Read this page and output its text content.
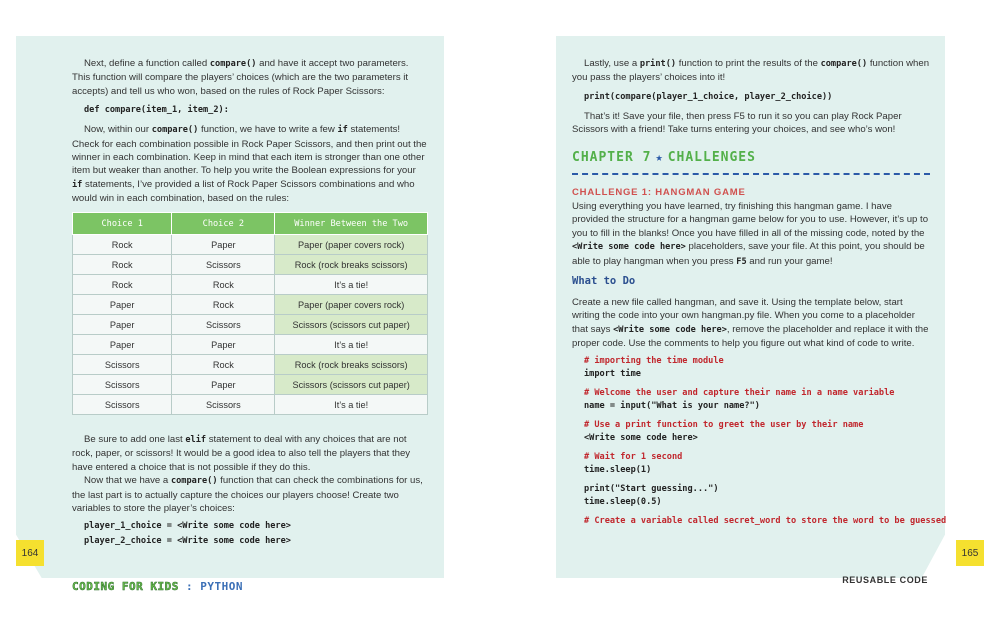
Next, define a function called compare() and have it accept two parameters. This function will compare the players’ choices (which are the two parameters it accepts) and tell us who won, based on the rules of Rock Paper Scissors:

def compare(item_1, item_2):

Now, within our compare() function, we have to write a few if statements! Check for each combination possible in Rock Paper Scissors, and then print out the winner in each combination. Keep in mind that each item is stronger than one other item but weaker than another. To help you write the Boolean expressions for your if statements, I’ve provided a list of Rock Paper Scissors combinations and who would win in each combination, based on the rules:

Choice 1	Choice 2	Winner Between the Two
Rock	Paper	Paper (paper covers rock)
Rock	Scissors	Rock (rock breaks scissors)
Rock	Rock	It’s a tie!
Paper	Rock	Paper (paper covers rock)
Paper	Scissors	Scissors (scissors cut paper)
Paper	Paper	It’s a tie!
Scissors	Rock	Rock (rock breaks scissors)
Scissors	Paper	Scissors (scissors cut paper)
Scissors	Scissors	It’s a tie!

Be sure to add one last elif statement to deal with any choices that are not rock, paper, or scissors! It would be a good idea to also tell the players that they have entered a choice that is not possible if they do this.

Now that we have a compare() function that can check the combinations for us, the last part is to actually capture the choices our players choose! Create two variables to store the player’s choices:

player_1_choice = <Write some code here>
player_2_choice = <Write some code here>
164
CODING FOR KIDS : PYTHON

Lastly, use a print() function to print the results of the compare() function when you pass the players’ choices into it!

print(compare(player_1_choice, player_2_choice))

That’s it! Save your file, then press F5 to run it so you can play Rock Paper Scissors with a friend! Take turns entering your choices, and see who’s won!

CHAPTER 7 ★ CHALLENGES
CHALLENGE 1: HANGMAN GAME

Using everything you have learned, try finishing this hangman game. I have provided the structure for a hangman game below for you to use. However, it’s up to you to fill in the blanks! Once you have filled in all of the missing code, noted by the <Write some code here> placeholders, save your file. At this point, you should be able to play hangman when you press F5 and run your game!

What to Do

Create a new file called hangman, and save it. Using the template below, start writing the code into your own hangman.py file. When you come to a placeholder that says <Write some code here>, remove the placeholder and replace it with the proper code. Use the comments to help you figure out what kind of code to write.

# importing the time module
import time
# Welcome the user and capture their name in a name variable
name = input("What is your name?")
# Use a print function to greet the user by their name
<Write some code here>
# Wait for 1 second
time.sleep(1)
print("Start guessing...")
time.sleep(0.5)
# Create a variable called secret_word to store the word to be guessed
165
REUSABLE CODE
